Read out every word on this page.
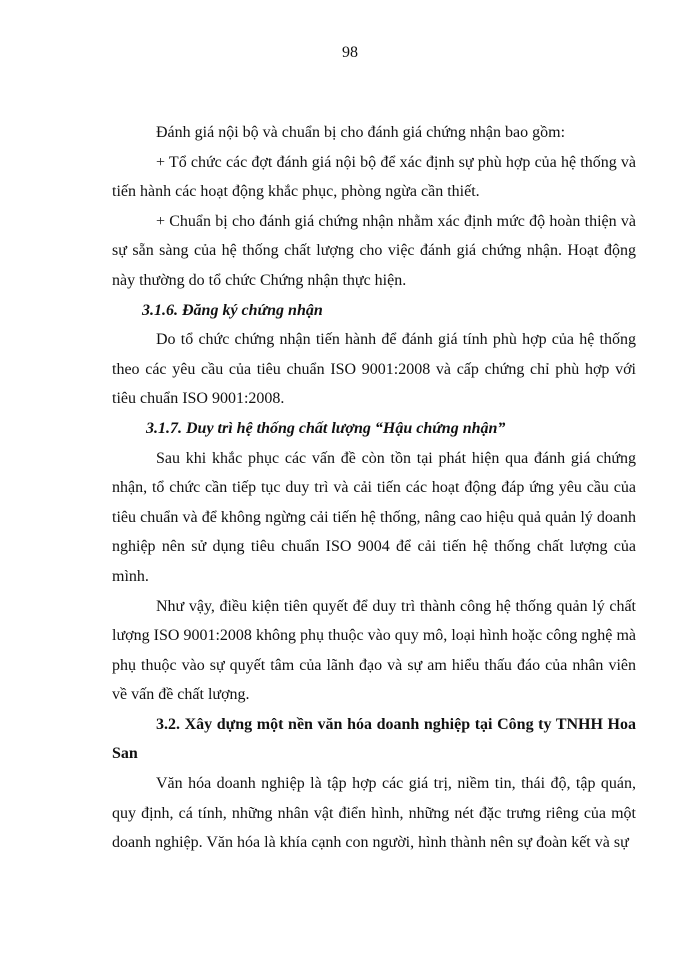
98

Đánh giá nội bộ và chuẩn bị cho đánh giá chứng nhận bao gồm:

+ Tổ chức các đợt đánh giá nội bộ để xác định sự phù hợp của hệ thống và tiến hành các hoạt động khắc phục, phòng ngừa cần thiết.

+ Chuẩn bị cho đánh giá chứng nhận nhằm xác định mức độ hoàn thiện và sự sẵn sàng của hệ thống chất lượng cho việc đánh giá chứng nhận. Hoạt động này thường do tổ chức Chứng nhận thực hiện.

3.1.6. Đăng ký chứng nhận

Do tổ chức chứng nhận tiến hành để đánh giá tính phù hợp của hệ thống theo các yêu cầu của tiêu chuẩn ISO 9001:2008 và cấp chứng chỉ phù hợp với tiêu chuẩn ISO 9001:2008.

3.1.7. Duy trì hệ thống chất lượng “Hậu chứng nhận”

Sau khi khắc phục các vấn đề còn tồn tại phát hiện qua đánh giá chứng nhận, tổ chức cần tiếp tục duy trì và cải tiến các hoạt động đáp ứng yêu cầu của tiêu chuẩn và để không ngừng cải tiến hệ thống, nâng cao hiệu quả quản lý doanh nghiệp nên sử dụng tiêu chuẩn ISO 9004 để cải tiến hệ thống chất lượng của mình.

Như vậy, điều kiện tiên quyết để duy trì thành công hệ thống quản lý chất lượng ISO 9001:2008 không phụ thuộc vào quy mô, loại hình hoặc công nghệ mà phụ thuộc vào sự quyết tâm của lãnh đạo và sự am hiểu thấu đáo của nhân viên về vấn đề chất lượng.

3.2. Xây dựng một nền văn hóa doanh nghiệp tại Công ty TNHH Hoa San

Văn hóa doanh nghiệp là tập hợp các giá trị, niềm tin, thái độ, tập quán, quy định, cá tính, những nhân vật điển hình, những nét đặc trưng riêng của một doanh nghiệp. Văn hóa là khía cạnh con người, hình thành nên sự đoàn kết và sự
